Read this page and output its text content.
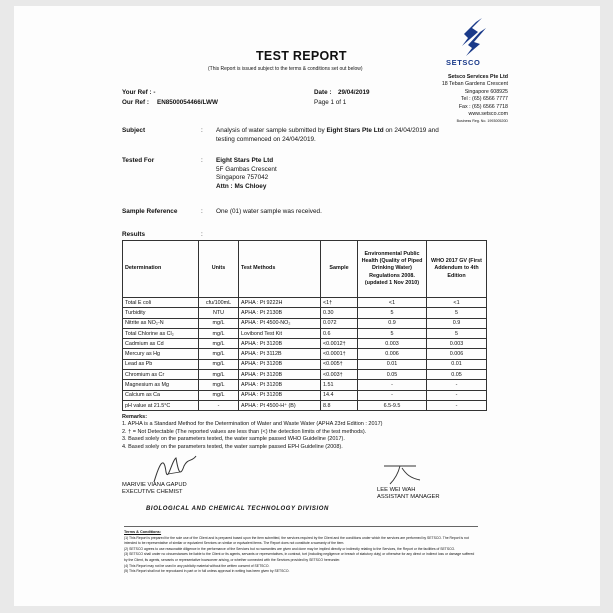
SETSCO
Setsco Services Pte Ltd
18 Teban Gardens Crescent
Singapore 608925
Tel : (65) 6566 7777
Fax : (65) 6566 7718
www.setsco.com
Business Reg. No. 199300520D
TEST REPORT
(This Report is issued subject to the terms & conditions set out below)
Your Ref : -
Our Ref : EN8500054466/LWW
Date : 29/04/2019
Page 1 of 1
Subject	: Analysis of water sample submitted by Eight Stars Pte Ltd on 24/04/2019 and
testing commenced on 24/04/2019.
Tested For	: Eight Stars Pte Ltd
5F Gambas Crescent
Singapore 757042
Attn : Ms Chloey
Sample Reference	: One (01) water sample was received.
Results	:
Determination	Units	Test Methods	Sample	Environmental Public Health (Quality of Piped Drinking Water) Regulations 2008. (updated 1 Nov 2010)	WHO 2017 GV (First Addendum to 4th Edition
Total E coli	cfu/100mL	APHA : Pt 9222H	<1†	<1	<1
Turbidity	NTU	APHA : Pt 2130B	0.30	5	5
Nitrite as NO₂-N	mg/L	APHA : Pt 4500-NO₂	0.072	0.9	0.9
Total Chlorine as Cl₂	mg/L	Lovibond Test Kit	0.6	5	5
Cadmium as Cd	mg/L	APHA : Pt 3120B	<0.0012†	0.003	0.003
Mercury as Hg	mg/L	APHA : Pt 3112B	<0.0001†	0.006	0.006
Lead as Pb	mg/L	APHA : Pt 3120B	<0.005†	0.01	0.01
Chromium as Cr	mg/L	APHA : Pt 3120B	<0.003†	0.05	0.05
Magnesium as Mg	mg/L	APHA : Pt 3120B	1.51	-	-
Calcium as Ca	mg/L	APHA : Pt 3120B	14.4	-	-
pH value at 21.5°C	-	APHA : Pt 4500-H⁺ (B)	8.8	6.5-9.5	-
Remarks:
1. APHA is a Standard Method for the Determination of Water and Waste Water (APHA 23rd Edition : 2017)
2. † = Not Detectable (The reported values are less than (<) the detection limits of the test methods).
3. Based solely on the parameters tested, the water sample passed WHO Guideline (2017).
4. Based solely on the parameters tested, the water sample passed EPH Guideline (2008).
MARIVIE VIANA GAPUD
EXECUTIVE CHEMIST	LEE WEI WAH
ASSISTANT MANAGER
BIOLOGICAL AND CHEMICAL TECHNOLOGY DIVISION
Terms & Conditions:
(1) This Report is prepared for the sole use of the Client and is prepared based upon the item submitted, the services required by the Client and the conditions under which the services are performed by SETSCO. The Report is not intended to be representative of similar or equivalent Services on similar or equivalent items. The Report does not constitute a warranty of the item.
(2) SETSCO agrees to use reasonable diligence in the performance of the Services but no warranties are given and done may be implied directly or indirectly relating to the Services, the Report or the facilities of SETSCO.
(3) SETSCO shall under no circumstances be liable to the Client or its agents, servants or representatives, in contract, tort (including negligence or breach of statutory duty) or otherwise for any direct or indirect loss or damage suffered by the Client, its agents, servants or representative howsoever arising, or whether connected with the Services provided by SETSCO hereunder.
(4) This Report may not be used in any publicity material without the written consent of SETSCO.
(5) This Report shall not be reproduced in part or in full unless approval in writing has been given by SETSCO.
